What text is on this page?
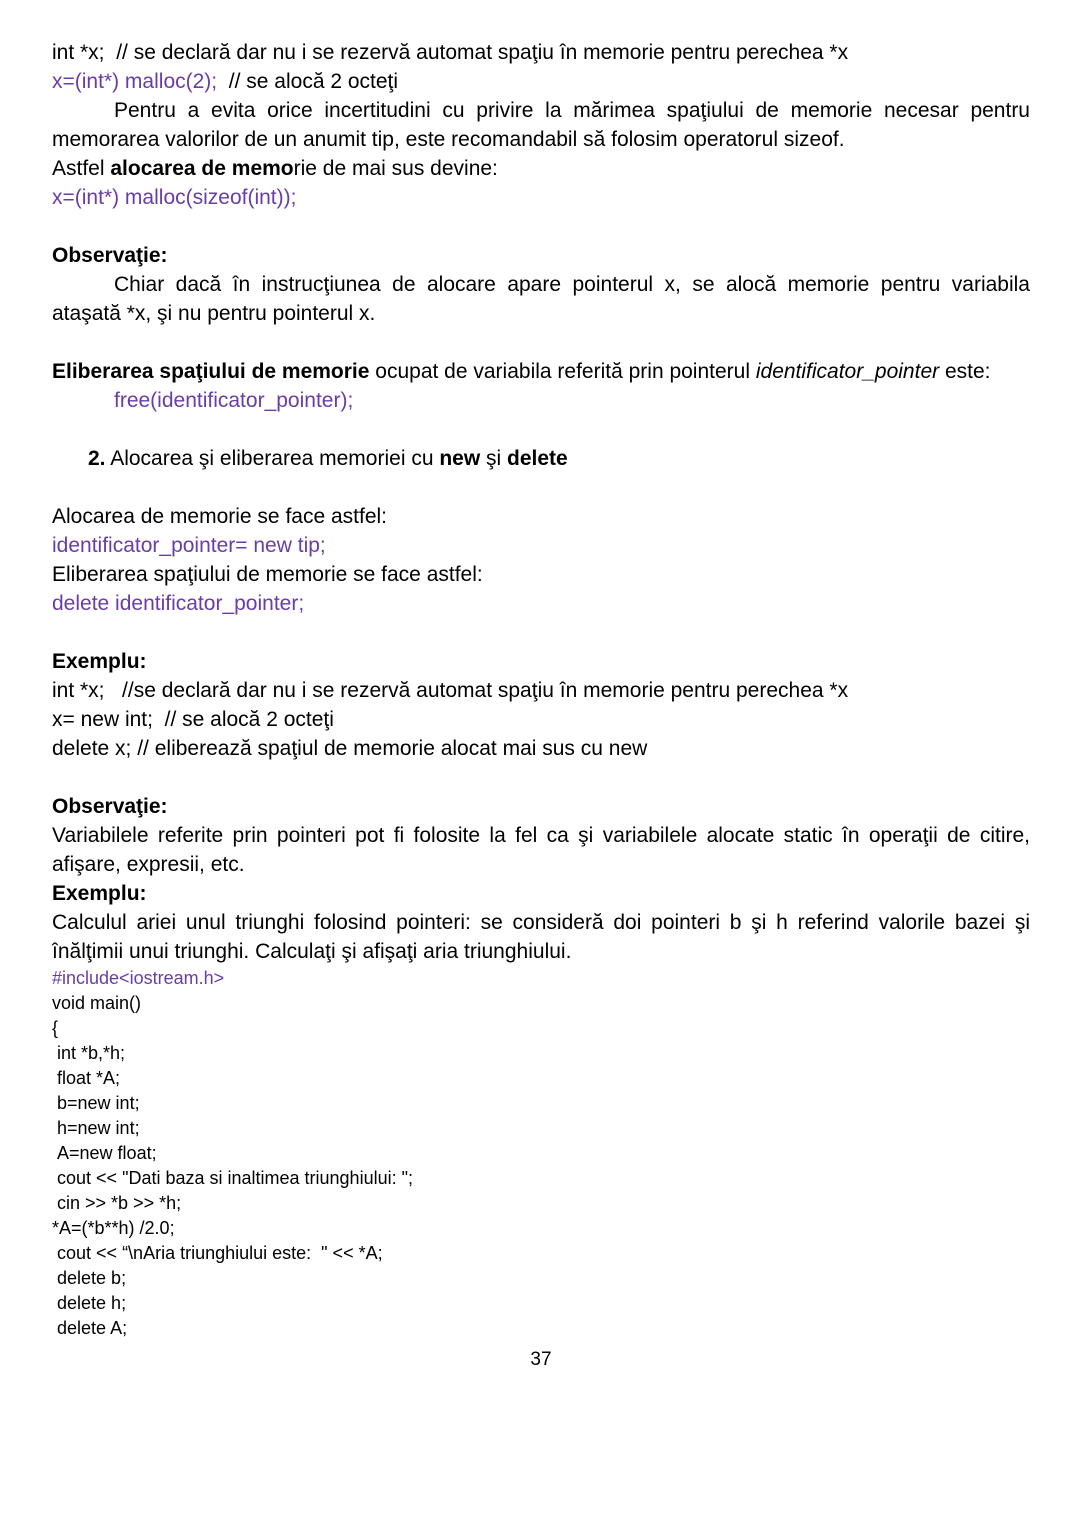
int *x;  // se declară dar nu i se rezervă automat spaţiu în memorie pentru perechea *x

x=(int*) malloc(2);  // se alocă 2 octeţi

Pentru a evita orice incertitudini cu privire la mărimea spaţiului de memorie necesar pentru memorarea valorilor de un anumit tip, este recomandabil să folosim operatorul sizeof.

Astfel alocarea de memorie de mai sus devine:

x=(int*) malloc(sizeof(int));

Observaţie:

Chiar dacă în instrucţiunea de alocare apare pointerul x, se alocă memorie pentru variabila ataşată *x, şi nu pentru pointerul x.

Eliberarea spaţiului de memorie ocupat de variabila referită prin pointerul identificator_pointer este:

free(identificator_pointer);

2. Alocarea şi eliberarea memoriei cu new şi delete

Alocarea de memorie se face astfel:

identificator_pointer= new tip;

Eliberarea spaţiului de memorie se face astfel:

delete identificator_pointer;

Exemplu:

int *x;   //se declară dar nu i se rezervă automat spaţiu în memorie pentru perechea *x

x= new int;  // se alocă 2 octeţi

delete x; // eliberează spaţiul de memorie alocat mai sus cu new

Observaţie:

Variabilele referite prin pointeri pot fi folosite la fel ca şi variabilele alocate static în operaţii de citire, afişare, expresii, etc.

Exemplu:

Calculul ariei unul triunghi folosind pointeri: se consideră doi pointeri b şi h referind valorile bazei şi înălţimii unui triunghi. Calculaţi şi afişaţi aria triunghiului.

#include<iostream.h>
void main()
{
int *b,*h;
float *A;
b=new int;
h=new int;
A=new float;
cout << "Dati baza si inaltimea triunghiului: ";
cin >> *b >> *h;
*A=(*b**h) /2.0;
cout << “\nAria triunghiului este:  " << *A;
delete b;
delete h;
delete A;
37
